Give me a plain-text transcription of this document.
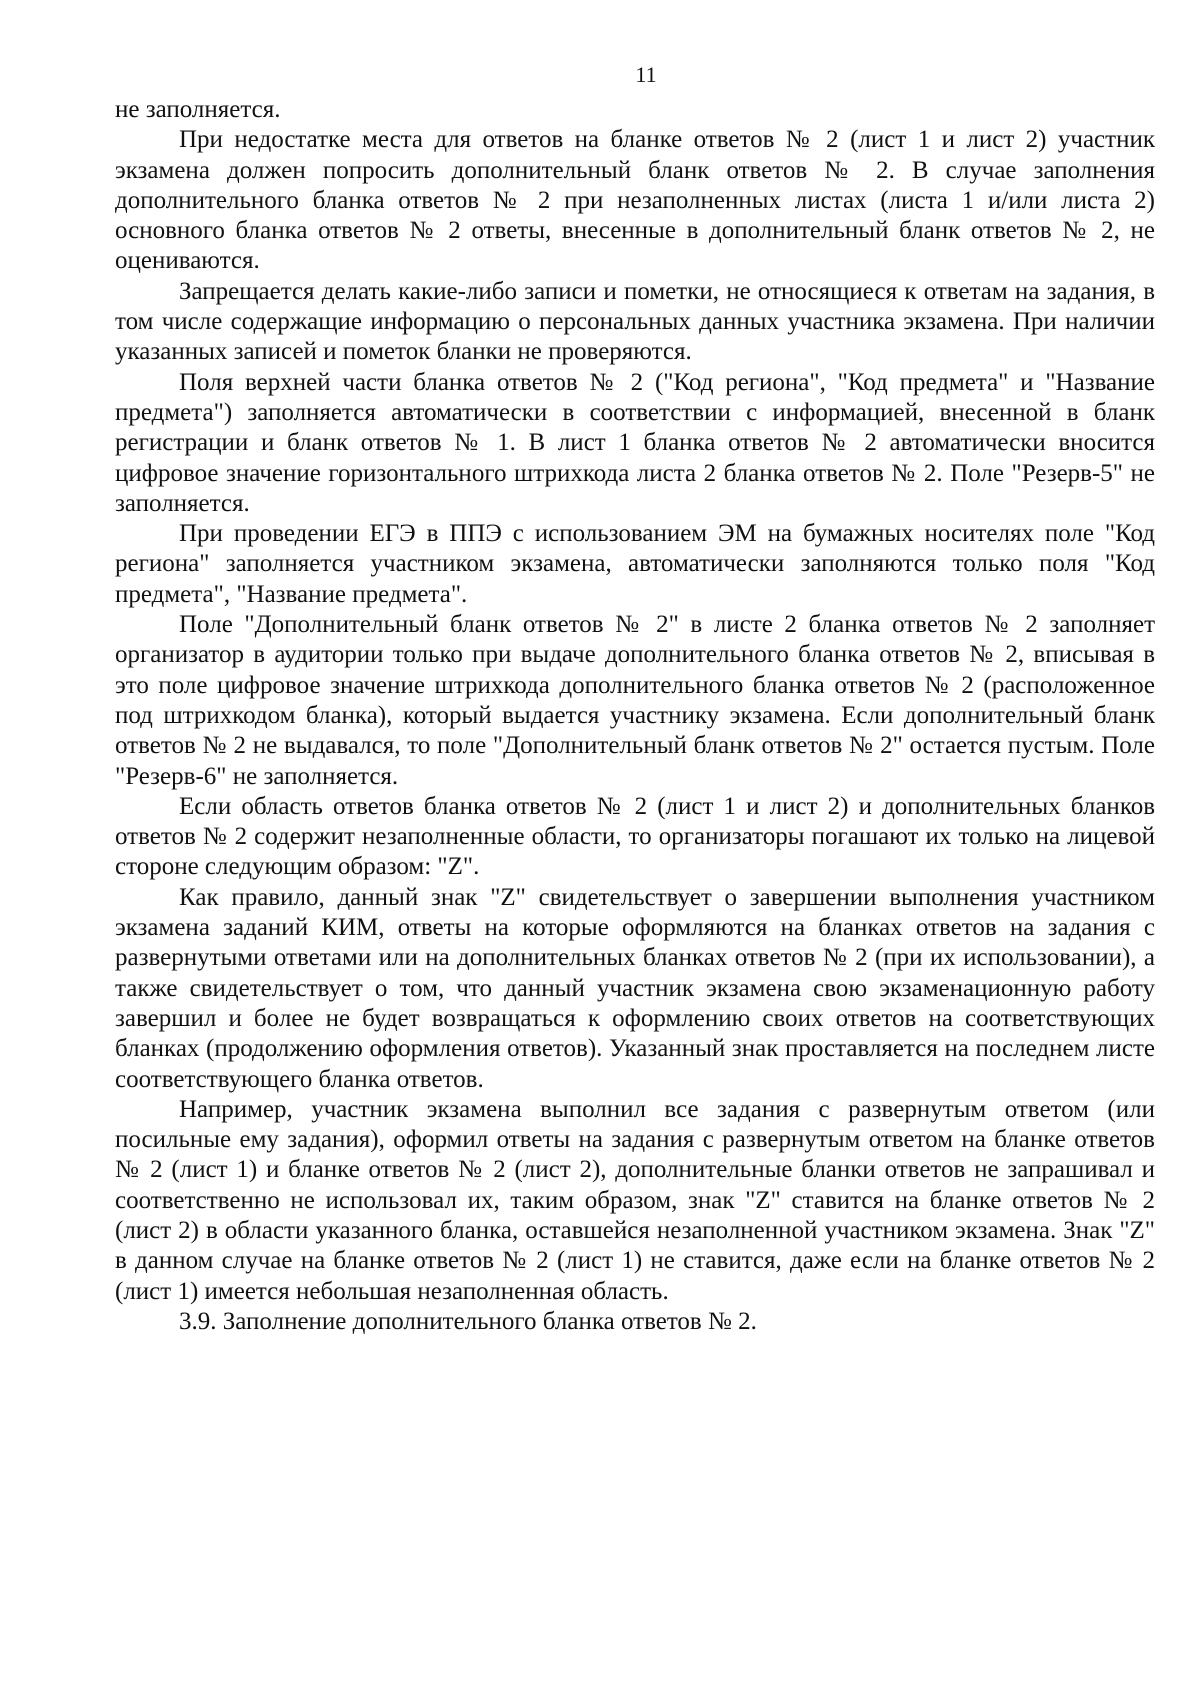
11

не заполняется.

При недостатке места для ответов на бланке ответов № 2 (лист 1 и лист 2) участник экзамена должен попросить дополнительный бланк ответов № 2. В случае заполнения дополнительного бланка ответов № 2 при незаполненных листах (листа 1 и/или листа 2) основного бланка ответов № 2 ответы, внесенные в дополнительный бланк ответов № 2, не оцениваются.

Запрещается делать какие-либо записи и пометки, не относящиеся к ответам на задания, в том числе содержащие информацию о персональных данных участника экзамена. При наличии указанных записей и пометок бланки не проверяются.

Поля верхней части бланка ответов № 2 ("Код региона", "Код предмета" и "Название предмета") заполняется автоматически в соответствии с информацией, внесенной в бланк регистрации и бланк ответов № 1. В лист 1 бланка ответов № 2 автоматически вносится цифровое значение горизонтального штрихкода листа 2 бланка ответов № 2. Поле "Резерв-5" не заполняется.

При проведении ЕГЭ в ППЭ с использованием ЭМ на бумажных носителях поле "Код региона" заполняется участником экзамена, автоматически заполняются только поля "Код предмета", "Название предмета".

Поле "Дополнительный бланк ответов № 2" в листе 2 бланка ответов № 2 заполняет организатор в аудитории только при выдаче дополнительного бланка ответов № 2, вписывая в это поле цифровое значение штрихкода дополнительного бланка ответов № 2 (расположенное под штрихкодом бланка), который выдается участнику экзамена. Если дополнительный бланк ответов № 2 не выдавался, то поле "Дополнительный бланк ответов № 2" остается пустым. Поле "Резерв-6" не заполняется.

Если область ответов бланка ответов № 2 (лист 1 и лист 2) и дополнительных бланков ответов № 2 содержит незаполненные области, то организаторы погашают их только на лицевой стороне следующим образом: "Z".

Как правило, данный знак "Z" свидетельствует о завершении выполнения участником экзамена заданий КИМ, ответы на которые оформляются на бланках ответов на задания с развернутыми ответами или на дополнительных бланках ответов № 2 (при их использовании), а также свидетельствует о том, что данный участник экзамена свою экзаменационную работу завершил и более не будет возвращаться к оформлению своих ответов на соответствующих бланках (продолжению оформления ответов). Указанный знак проставляется на последнем листе соответствующего бланка ответов.

Например, участник экзамена выполнил все задания с развернутым ответом (или посильные ему задания), оформил ответы на задания с развернутым ответом на бланке ответов № 2 (лист 1) и бланке ответов № 2 (лист 2), дополнительные бланки ответов не запрашивал и соответственно не использовал их, таким образом, знак "Z" ставится на бланке ответов № 2 (лист 2) в области указанного бланка, оставшейся незаполненной участником экзамена. Знак "Z" в данном случае на бланке ответов № 2 (лист 1) не ставится, даже если на бланке ответов № 2 (лист 1) имеется небольшая незаполненная область.

3.9. Заполнение дополнительного бланка ответов № 2.
